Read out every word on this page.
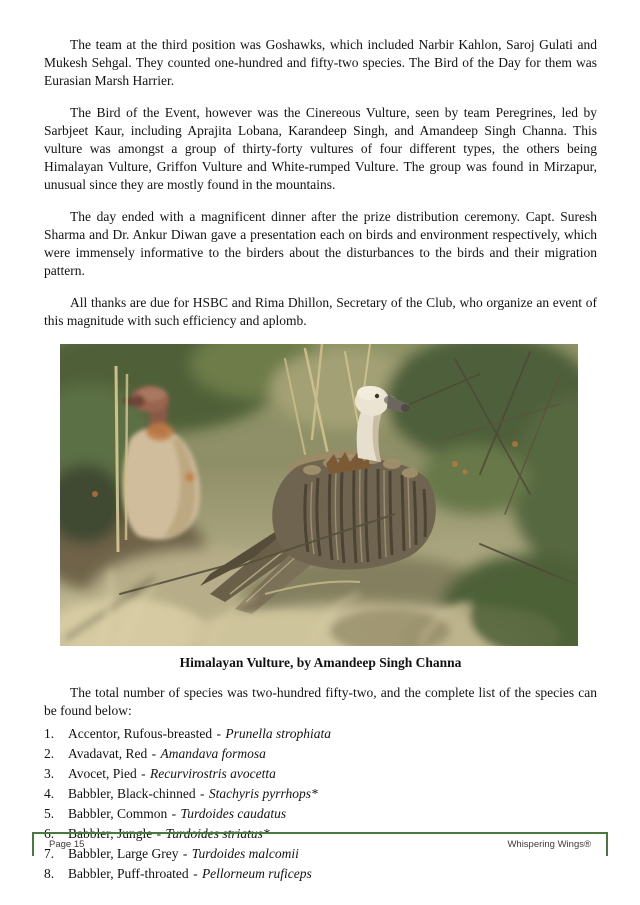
The team at the third position was Goshawks, which included Narbir Kahlon, Saroj Gulati and Mukesh Sehgal. They counted one-hundred and fifty-two species. The Bird of the Day for them was Eurasian Marsh Harrier.

The Bird of the Event, however was the Cinereous Vulture, seen by team Peregrines, led by Sarbjeet Kaur, including Aprajita Lobana, Karandeep Singh, and Amandeep Singh Channa. This vulture was amongst a group of thirty-forty vultures of four different types, the others being Himalayan Vulture, Griffon Vulture and White-rumped Vulture. The group was found in Mirzapur, unusual since they are mostly found in the mountains.

The day ended with a magnificent dinner after the prize distribution ceremony. Capt. Suresh Sharma and Dr. Ankur Diwan gave a presentation each on birds and environment respectively, which were immensely informative to the birders about the disturbances to the birds and their migration pattern.

All thanks are due for HSBC and Rima Dhillon, Secretary of the Club, who organize an event of this magnitude with such efficiency and aplomb.

Himalayan Vulture, by Amandeep Singh Channa

The total number of species was two-hundred fifty-two, and the complete list of the species can be found below:

1.	Accentor, Rufous-breasted - Prunella strophiata
2.	Avadavat, Red - Amandava formosa
3.	Avocet, Pied - Recurvirostris avocetta
4.	Babbler, Black-chinned - Stachyris pyrrhops*
5.	Babbler, Common - Turdoides caudatus
6.	Babbler, Jungle - Turdoides striatus*
7.	Babbler, Large Grey - Turdoides malcomii
8.	Babbler, Puff-throated - Pellorneum ruficeps
Page 15	Whispering Wings®
